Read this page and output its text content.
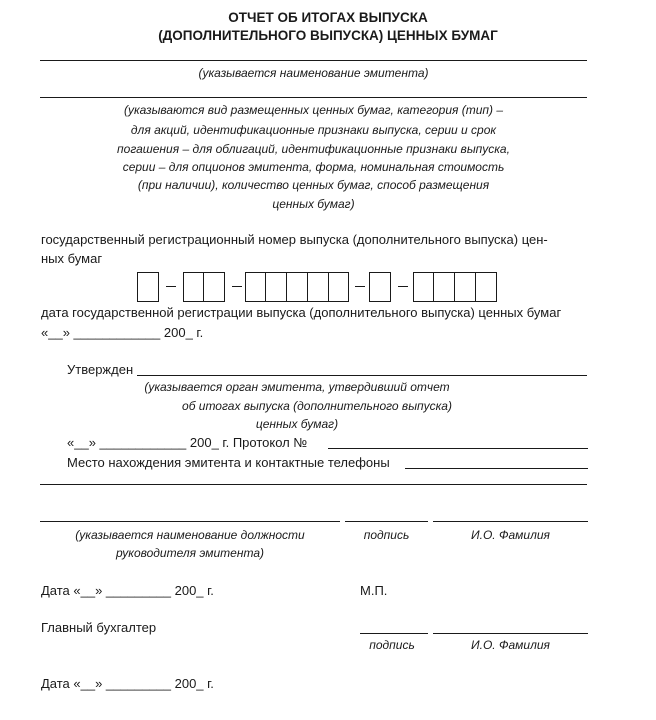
ОТЧЕТ ОБ ИТОГАХ ВЫПУСКА
(ДОПОЛНИТЕЛЬНОГО ВЫПУСКА) ЦЕННЫХ БУМАГ
(указывается наименование эмитента)
(указываются вид размещенных ценных бумаг, категория (тип) –
для акций, идентификационные признаки выпуска, серии и срок
погашения – для облигаций, идентификационные признаки выпуска,
серии – для опционов эмитента, форма, номинальная стоимость
(при наличии), количество ценных бумаг, способ размещения
ценных бумаг)
государственный регистрационный номер выпуска (дополнительного выпуска) цен-
ных бумаг
дата государственной регистрации выпуска (дополнительного выпуска) ценных бумаг
«__» ____________ 200_ г.
Утвержден
(указывается орган эмитента, утвердивший отчет
об итогах выпуска (дополнительного выпуска)
ценных бумаг)
«__» ____________ 200_ г. Протокол №
Место нахождения эмитента и контактные телефоны
(указывается наименование должности
руководителя эмитента)
подпись	И.О. Фамилия
Дата «__» _________ 200_ г.	М.П.
Главный бухгалтер
подпись	И.О. Фамилия
Дата «__» _________ 200_ г.
